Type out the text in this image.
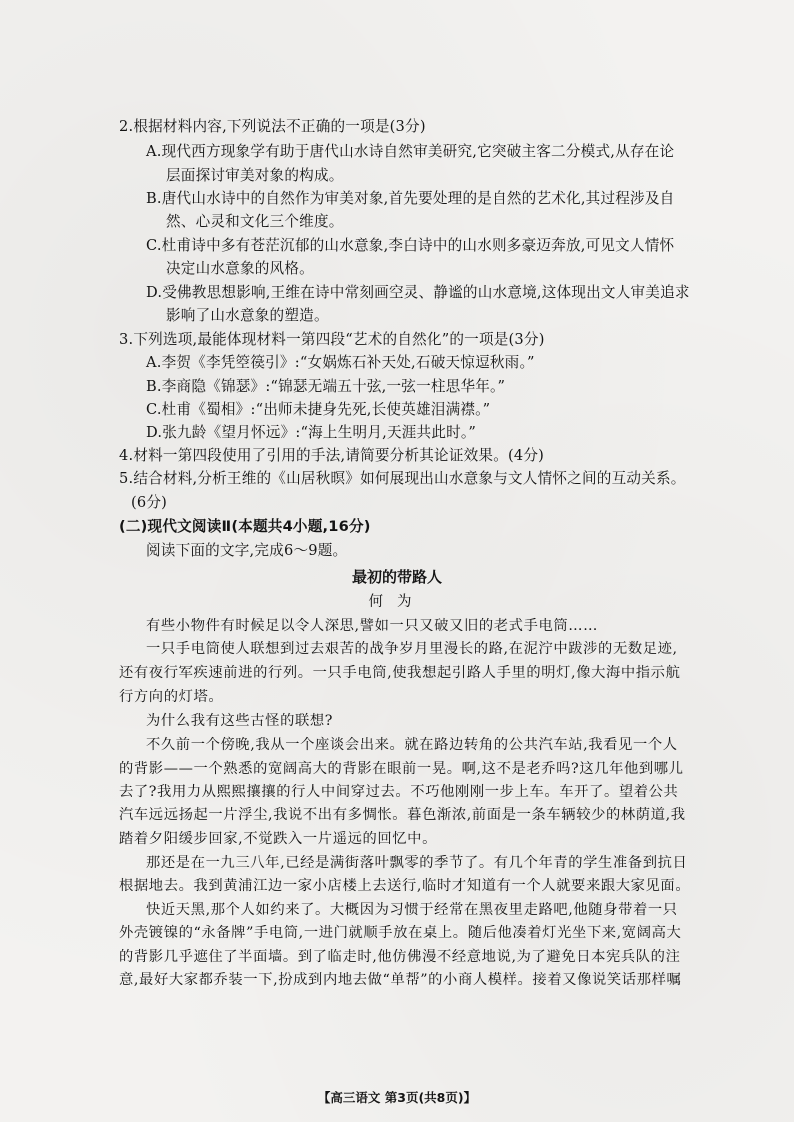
2.根据材料内容,下列说法不正确的一项是(3分)
A.现代西方现象学有助于唐代山水诗自然审美研究,它突破主客二分模式,从存在论
层面探讨审美对象的构成。
B.唐代山水诗中的自然作为审美对象,首先要处理的是自然的艺术化,其过程涉及自
然、心灵和文化三个维度。
C.杜甫诗中多有苍茫沉郁的山水意象,李白诗中的山水则多豪迈奔放,可见文人情怀
决定山水意象的风格。
D.受佛教思想影响,王维在诗中常刻画空灵、静谧的山水意境,这体现出文人审美追求
影响了山水意象的塑造。
3.下列选项,最能体现材料一第四段“艺术的自然化”的一项是(3分)
A.李贺《李凭箜篌引》:“女娲炼石补天处,石破天惊逗秋雨。”
B.李商隐《锦瑟》:“锦瑟无端五十弦,一弦一柱思华年。”
C.杜甫《蜀相》:“出师未捷身先死,长使英雄泪满襟。”
D.张九龄《望月怀远》:“海上生明月,天涯共此时。”
4.材料一第四段使用了引用的手法,请简要分析其论证效果。(4分)
5.结合材料,分析王维的《山居秋暝》如何展现出山水意象与文人情怀之间的互动关系。
(6分)
(二)现代文阅读Ⅱ(本题共4小题,16分)
阅读下面的文字,完成6～9题。
最初的带路人
何为
有些小物件有时候足以令人深思,譬如一只又破又旧的老式手电筒……
一只手电筒使人联想到过去艰苦的战争岁月里漫长的路,在泥泞中跋涉的无数足迹,
还有夜行军疾速前进的行列。一只手电筒,使我想起引路人手里的明灯,像大海中指示航
行方向的灯塔。
为什么我有这些古怪的联想?
不久前一个傍晚,我从一个座谈会出来。就在路边转角的公共汽车站,我看见一个人
的背影——一个熟悉的宽阔高大的背影在眼前一晃。啊,这不是老乔吗?这几年他到哪儿
去了?我用力从熙熙攘攘的行人中间穿过去。不巧他刚刚一步上车。车开了。望着公共
汽车远远扬起一片浮尘,我说不出有多惆怅。暮色渐浓,前面是一条车辆较少的林荫道,我
踏着夕阳缓步回家,不觉跌入一片遥远的回忆中。
那还是在一九三八年,已经是满街落叶飘零的季节了。有几个年青的学生准备到抗日
根据地去。我到黄浦江边一家小店楼上去送行,临时才知道有一个人就要来跟大家见面。
快近天黑,那个人如约来了。大概因为习惯于经常在黑夜里走路吧,他随身带着一只
外壳镀镍的“永备牌”手电筒,一进门就顺手放在桌上。随后他凑着灯光坐下来,宽阔高大
的背影几乎遮住了半面墙。到了临走时,他仿佛漫不经意地说,为了避免日本宪兵队的注
意,最好大家都乔装一下,扮成到内地去做“单帮”的小商人模样。接着又像说笑话那样嘱
【高三语文 第3页(共8页)】
